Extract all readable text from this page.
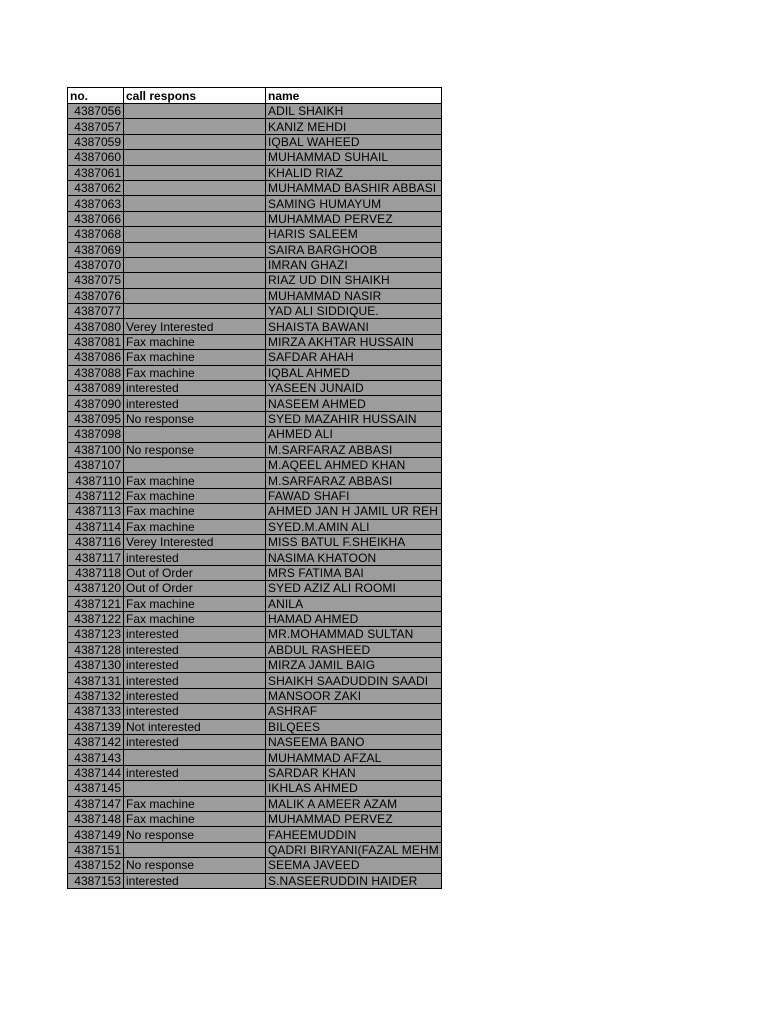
no.	call respons	name
4387056		ADIL SHAIKH
4387057		KANIZ MEHDI
4387059		IQBAL WAHEED
4387060		MUHAMMAD SUHAIL
4387061		KHALID RIAZ
4387062		MUHAMMAD BASHIR ABBASI
4387063		SAMING HUMAYUM
4387066		MUHAMMAD PERVEZ
4387068		HARIS SALEEM
4387069		SAIRA BARGHOOB
4387070		IMRAN GHAZI
4387075		RIAZ UD DIN SHAIKH
4387076		MUHAMMAD NASIR
4387077		YAD ALI SIDDIQUE.
4387080	Verey Interested	SHAISTA BAWANI
4387081	Fax machine	MIRZA AKHTAR HUSSAIN
4387086	Fax machine	SAFDAR AHAH
4387088	Fax machine	IQBAL AHMED
4387089	interested	YASEEN JUNAID
4387090	interested	NASEEM AHMED
4387095	No response	SYED MAZAHIR HUSSAIN
4387098		AHMED ALI
4387100	No response	M.SARFARAZ ABBASI
4387107		M.AQEEL AHMED KHAN
4387110	Fax machine	M.SARFARAZ ABBASI
4387112	Fax machine	FAWAD SHAFI
4387113	Fax machine	AHMED JAN H JAMIL UR REH
4387114	Fax machine	SYED.M.AMIN ALI
4387116	Verey Interested	MISS BATUL F.SHEIKHA
4387117	interested	NASIMA KHATOON
4387118	Out of Order	MRS FATIMA BAI
4387120	Out of Order	SYED AZIZ ALI ROOMI
4387121	Fax machine	ANILA
4387122	Fax machine	HAMAD AHMED
4387123	interested	MR.MOHAMMAD SULTAN
4387128	interested	ABDUL RASHEED
4387130	interested	MIRZA JAMIL BAIG
4387131	interested	SHAIKH SAADUDDIN SAADI
4387132	interested	MANSOOR ZAKI
4387133	interested	ASHRAF
4387139	Not interested	BILQEES
4387142	interested	NASEEMA BANO
4387143		MUHAMMAD AFZAL
4387144	interested	SARDAR KHAN
4387145		IKHLAS AHMED
4387147	Fax machine	MALIK A AMEER AZAM
4387148	Fax machine	MUHAMMAD PERVEZ
4387149	No response	FAHEEMUDDIN
4387151		QADRI BIRYANI(FAZAL MEHM
4387152	No response	SEEMA JAVEED
4387153	interested	S.NASEERUDDIN HAIDER
